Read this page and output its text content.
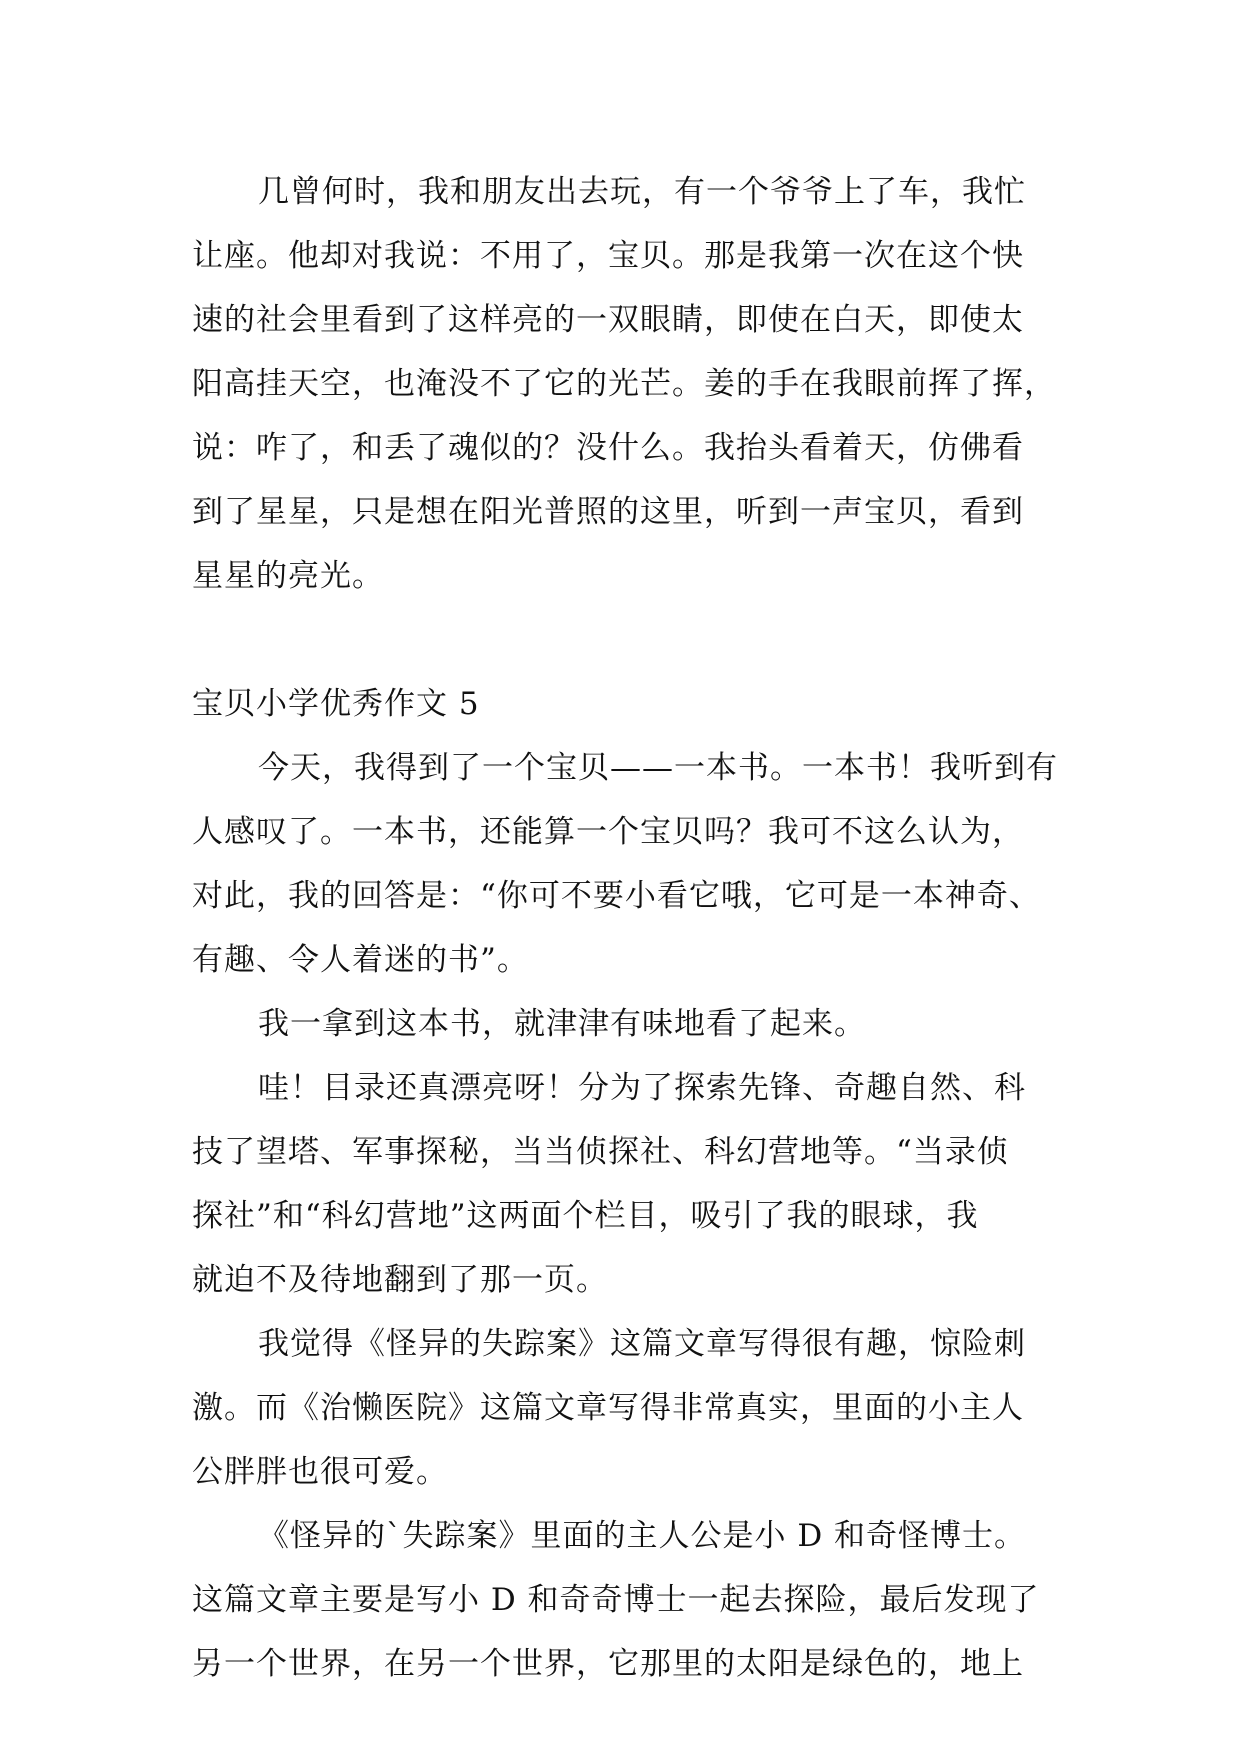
几曾何时，我和朋友出去玩，有一个爷爷上了车，我忙
让座。他却对我说：不用了，宝贝。那是我第一次在这个快
速的社会里看到了这样亮的一双眼睛，即使在白天，即使太
阳高挂天空，也淹没不了它的光芒。姜的手在我眼前挥了挥，
说：咋了，和丢了魂似的？没什么。我抬头看着天，仿佛看
到了星星，只是想在阳光普照的这里，听到一声宝贝，看到
星星的亮光。
宝贝小学优秀作文 5
今天，我得到了一个宝贝——一本书。一本书！我听到有
人感叹了。一本书，还能算一个宝贝吗？我可不这么认为，
对此，我的回答是：“你可不要小看它哦，它可是一本神奇、
有趣、令人着迷的书”。
我一拿到这本书，就津津有味地看了起来。
哇！目录还真漂亮呀！分为了探索先锋、奇趣自然、科
技了望塔、军事探秘，当当侦探社、科幻营地等。“当录侦
探社”和“科幻营地”这两面个栏目，吸引了我的眼球，我
就迫不及待地翻到了那一页。
我觉得《怪异的失踪案》这篇文章写得很有趣，惊险刺
激。而《治懒医院》这篇文章写得非常真实，里面的小主人
公胖胖也很可爱。
《怪异的`失踪案》里面的主人公是小 D 和奇怪博士。
这篇文章主要是写小 D 和奇奇博士一起去探险，最后发现了
另一个世界，在另一个世界，它那里的太阳是绿色的，地上
